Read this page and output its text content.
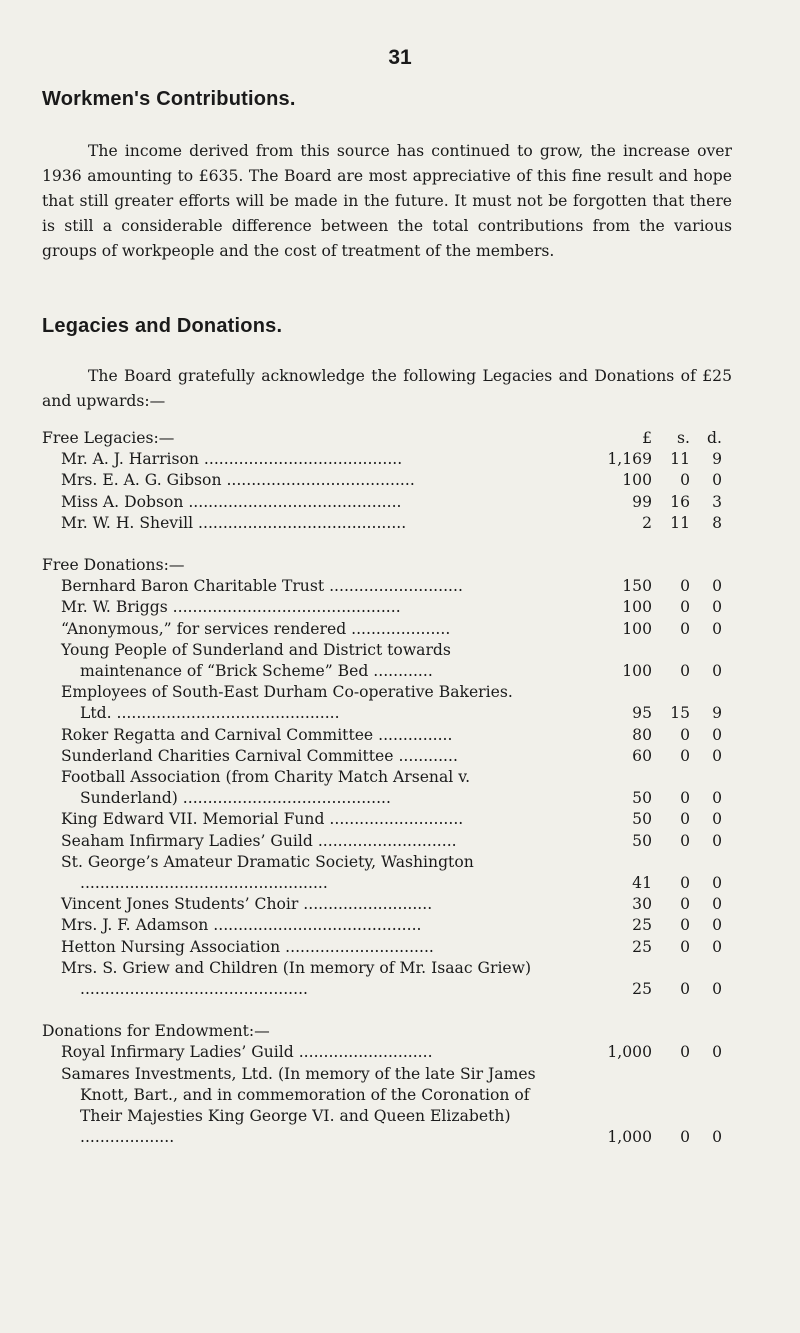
31
Workmen's Contributions.
The income derived from this source has continued to grow, the increase over 1936 amounting to £635. The Board are most appreciative of this fine result and hope that still greater efforts will be made in the future. It must not be forgotten that there is still a considerable difference between the total contributions from the various groups of workpeople and the cost of treatment of the members.
Legacies and Donations.
The Board gratefully acknowledge the following Legacies and Donations of £25 and upwards:—

Free Legacies:—	£	s.	d.
Mr. A. J. Harrison ........................................	1,169	11	9
Mrs. E. A. G. Gibson ......................................	100	0	0
Miss A. Dobson ...........................................	99	16	3
Mr. W. H. Shevill ..........................................	2	11	8

Free Donations:—

Bernhard Baron Charitable Trust ...........................	150	0	0
Mr. W. Briggs ..............................................	100	0	0
“Anonymous,” for services rendered ....................	100	0	0
Young People of Sunderland and District towards maintenance of “Brick Scheme” Bed ............	100	0	0
Employees of South-East Durham Co-operative Bakeries. Ltd. .............................................	95	15	9
Roker Regatta and Carnival Committee ...............	80	0	0
Sunderland Charities Carnival Committee ............	60	0	0
Football Association (from Charity Match Arsenal v. Sunderland) ..........................................	50	0	0
King Edward VII. Memorial Fund ...........................	50	0	0
Seaham Infirmary Ladies’ Guild ............................	50	0	0
St. George’s Amateur Dramatic Society, Washington ..................................................	41	0	0
Vincent Jones Students’ Choir ..........................	30	0	0
Mrs. J. F. Adamson ..........................................	25	0	0
Hetton Nursing Association ..............................	25	0	0
Mrs. S. Griew and Children (In memory of Mr. Isaac Griew) ..............................................	25	0	0

Donations for Endowment:—

Royal Infirmary Ladies’ Guild ...........................	1,000	0	0
Samares Investments, Ltd. (In memory of the late Sir James Knott, Bart., and in commemoration of the Coronation of Their Majesties King George VI. and Queen Elizabeth) ...................	1,000	0	0
